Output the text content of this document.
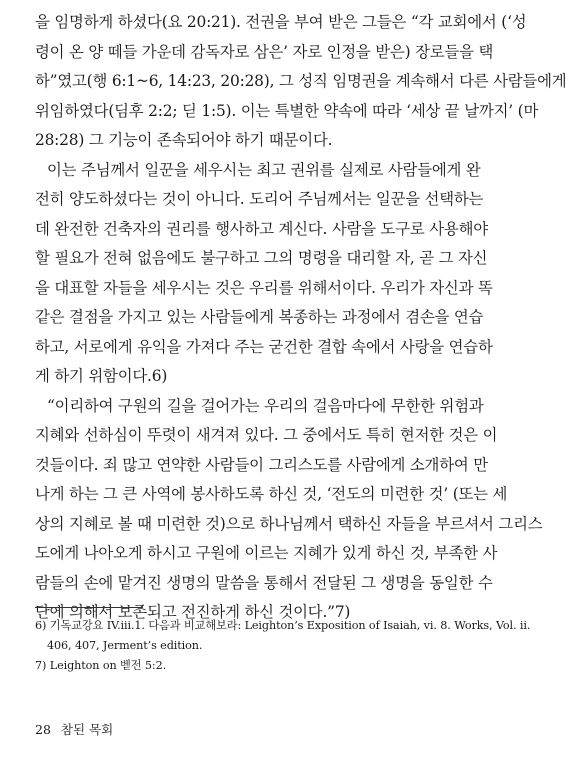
을 임명하게 하셨다(요 20:21). 전권을 부여 받은 그들은 “각 교회에서 (‘성
령이 온 양 떼들 가운데 감독자로 삼은’ 자로 인정을 받은) 장로들을 택
하”였고(행 6:1~6, 14:23, 20:28), 그 성직 임명권을 계속해서 다른 사람들에게
위임하였다(딤후 2:2; 딛 1:5). 이는 특별한 약속에 따라 ‘세상 끝 날까지’ (마
28:28) 그 기능이 존속되어야 하기 때문이다.
이는 주님께서 일꾼을 세우시는 최고 권위를 실제로 사람들에게 완
전히 양도하셨다는 것이 아니다. 도리어 주님께서는 일꾼을 선택하는
데 완전한 건축자의 권리를 행사하고 계신다. 사람을 도구로 사용해야
할 필요가 전혀 없음에도 불구하고 그의 명령을 대리할 자, 곧 그 자신
을 대표할 자들을 세우시는 것은 우리를 위해서이다. 우리가 자신과 똑
같은 결점을 가지고 있는 사람들에게 복종하는 과정에서 겸손을 연습
하고, 서로에게 유익을 가져다 주는 굳건한 결합 속에서 사랑을 연습하
게 하기 위함이다.6)
“이리하여 구원의 길을 걸어가는 우리의 걸음마다에 무한한 위험과
지혜와 선하심이 뚜렷이 새겨져 있다. 그 중에서도 특히 현저한 것은 이
것들이다. 죄 많고 연약한 사람들이 그리스도를 사람에게 소개하여 만
나게 하는 그 큰 사역에 봉사하도록 하신 것, ‘전도의 미련한 것’ (또는 세
상의 지혜로 볼 때 미련한 것)으로 하나님께서 택하신 자들을 부르셔서 그리스
도에게 나아오게 하시고 구원에 이르는 지혜가 있게 하신 것, 부족한 사
람들의 손에 맡겨진 생명의 말씀을 통해서 전달된 그 생명을 동일한 수
단에 의해서 보존되고 전진하게 하신 것이다.”7)
6) 기독교강요 IV.iii.1. 다음과 비교해보라: Leighton’s Exposition of Isaiah, vi. 8. Works, Vol. ii.
406, 407, Jerment’s edition.
7) Leighton on 벧전 5:2.
28 참된 목회
